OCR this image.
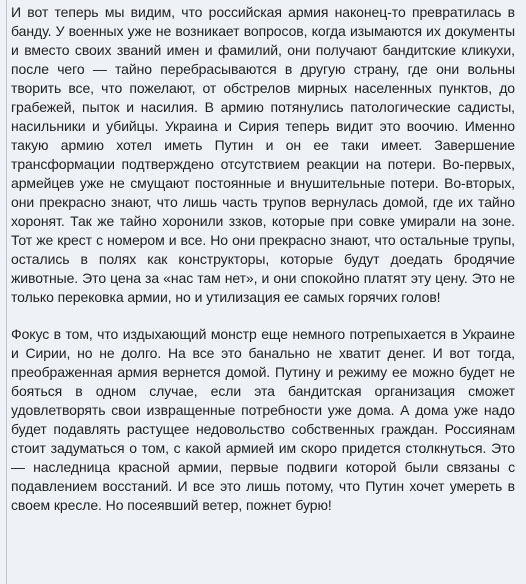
И вот теперь мы видим, что российская армия наконец-то превратилась в банду. У военных уже не возникает вопросов, когда изымаются их документы и вместо своих званий имен и фамилий, они получают бандитские кликухи, после чего — тайно перебрасываются в другую страну, где они вольны творить все, что пожелают, от обстрелов мирных населенных пунктов, до грабежей, пыток и насилия. В армию потянулись патологические садисты, насильники и убийцы. Украина и Сирия теперь видит это воочию. Именно такую армию хотел иметь Путин и он ее таки имеет. Завершение трансформации подтверждено отсутствием реакции на потери. Во-первых, армейцев уже не смущают постоянные и внушительные потери. Во-вторых, они прекрасно знают, что лишь часть трупов вернулась домой, где их тайно хоронят. Так же тайно хоронили ззков, которые при совке умирали на зоне. Тот же крест с номером и все. Но они прекрасно знают, что остальные трупы, остались в полях как конструкторы, которые будут доедать бродячие животные. Это цена за «нас там нет», и они спокойно платят эту цену. Это не только перековка армии, но и утилизация ее самых горячих голов!

Фокус в том, что издыхающий монстр еще немного потрепыхается в Украине и Сирии, но не долго. На все это банально не хватит денег. И вот тогда, преображенная армия вернется домой. Путину и режиму ее можно будет не бояться в одном случае, если эта бандитская организация сможет удовлетворять свои извращенные потребности уже дома. А дома уже надо будет подавлять растущее недовольство собственных граждан. Россиянам стоит задуматься о том, с какой армией им скоро придется столкнуться. Это — наследница красной армии, первые подвиги которой были связаны с подавлением восстаний. И все это лишь потому, что Путин хочет умереть в своем кресле. Но посеявший ветер, пожнет бурю!
